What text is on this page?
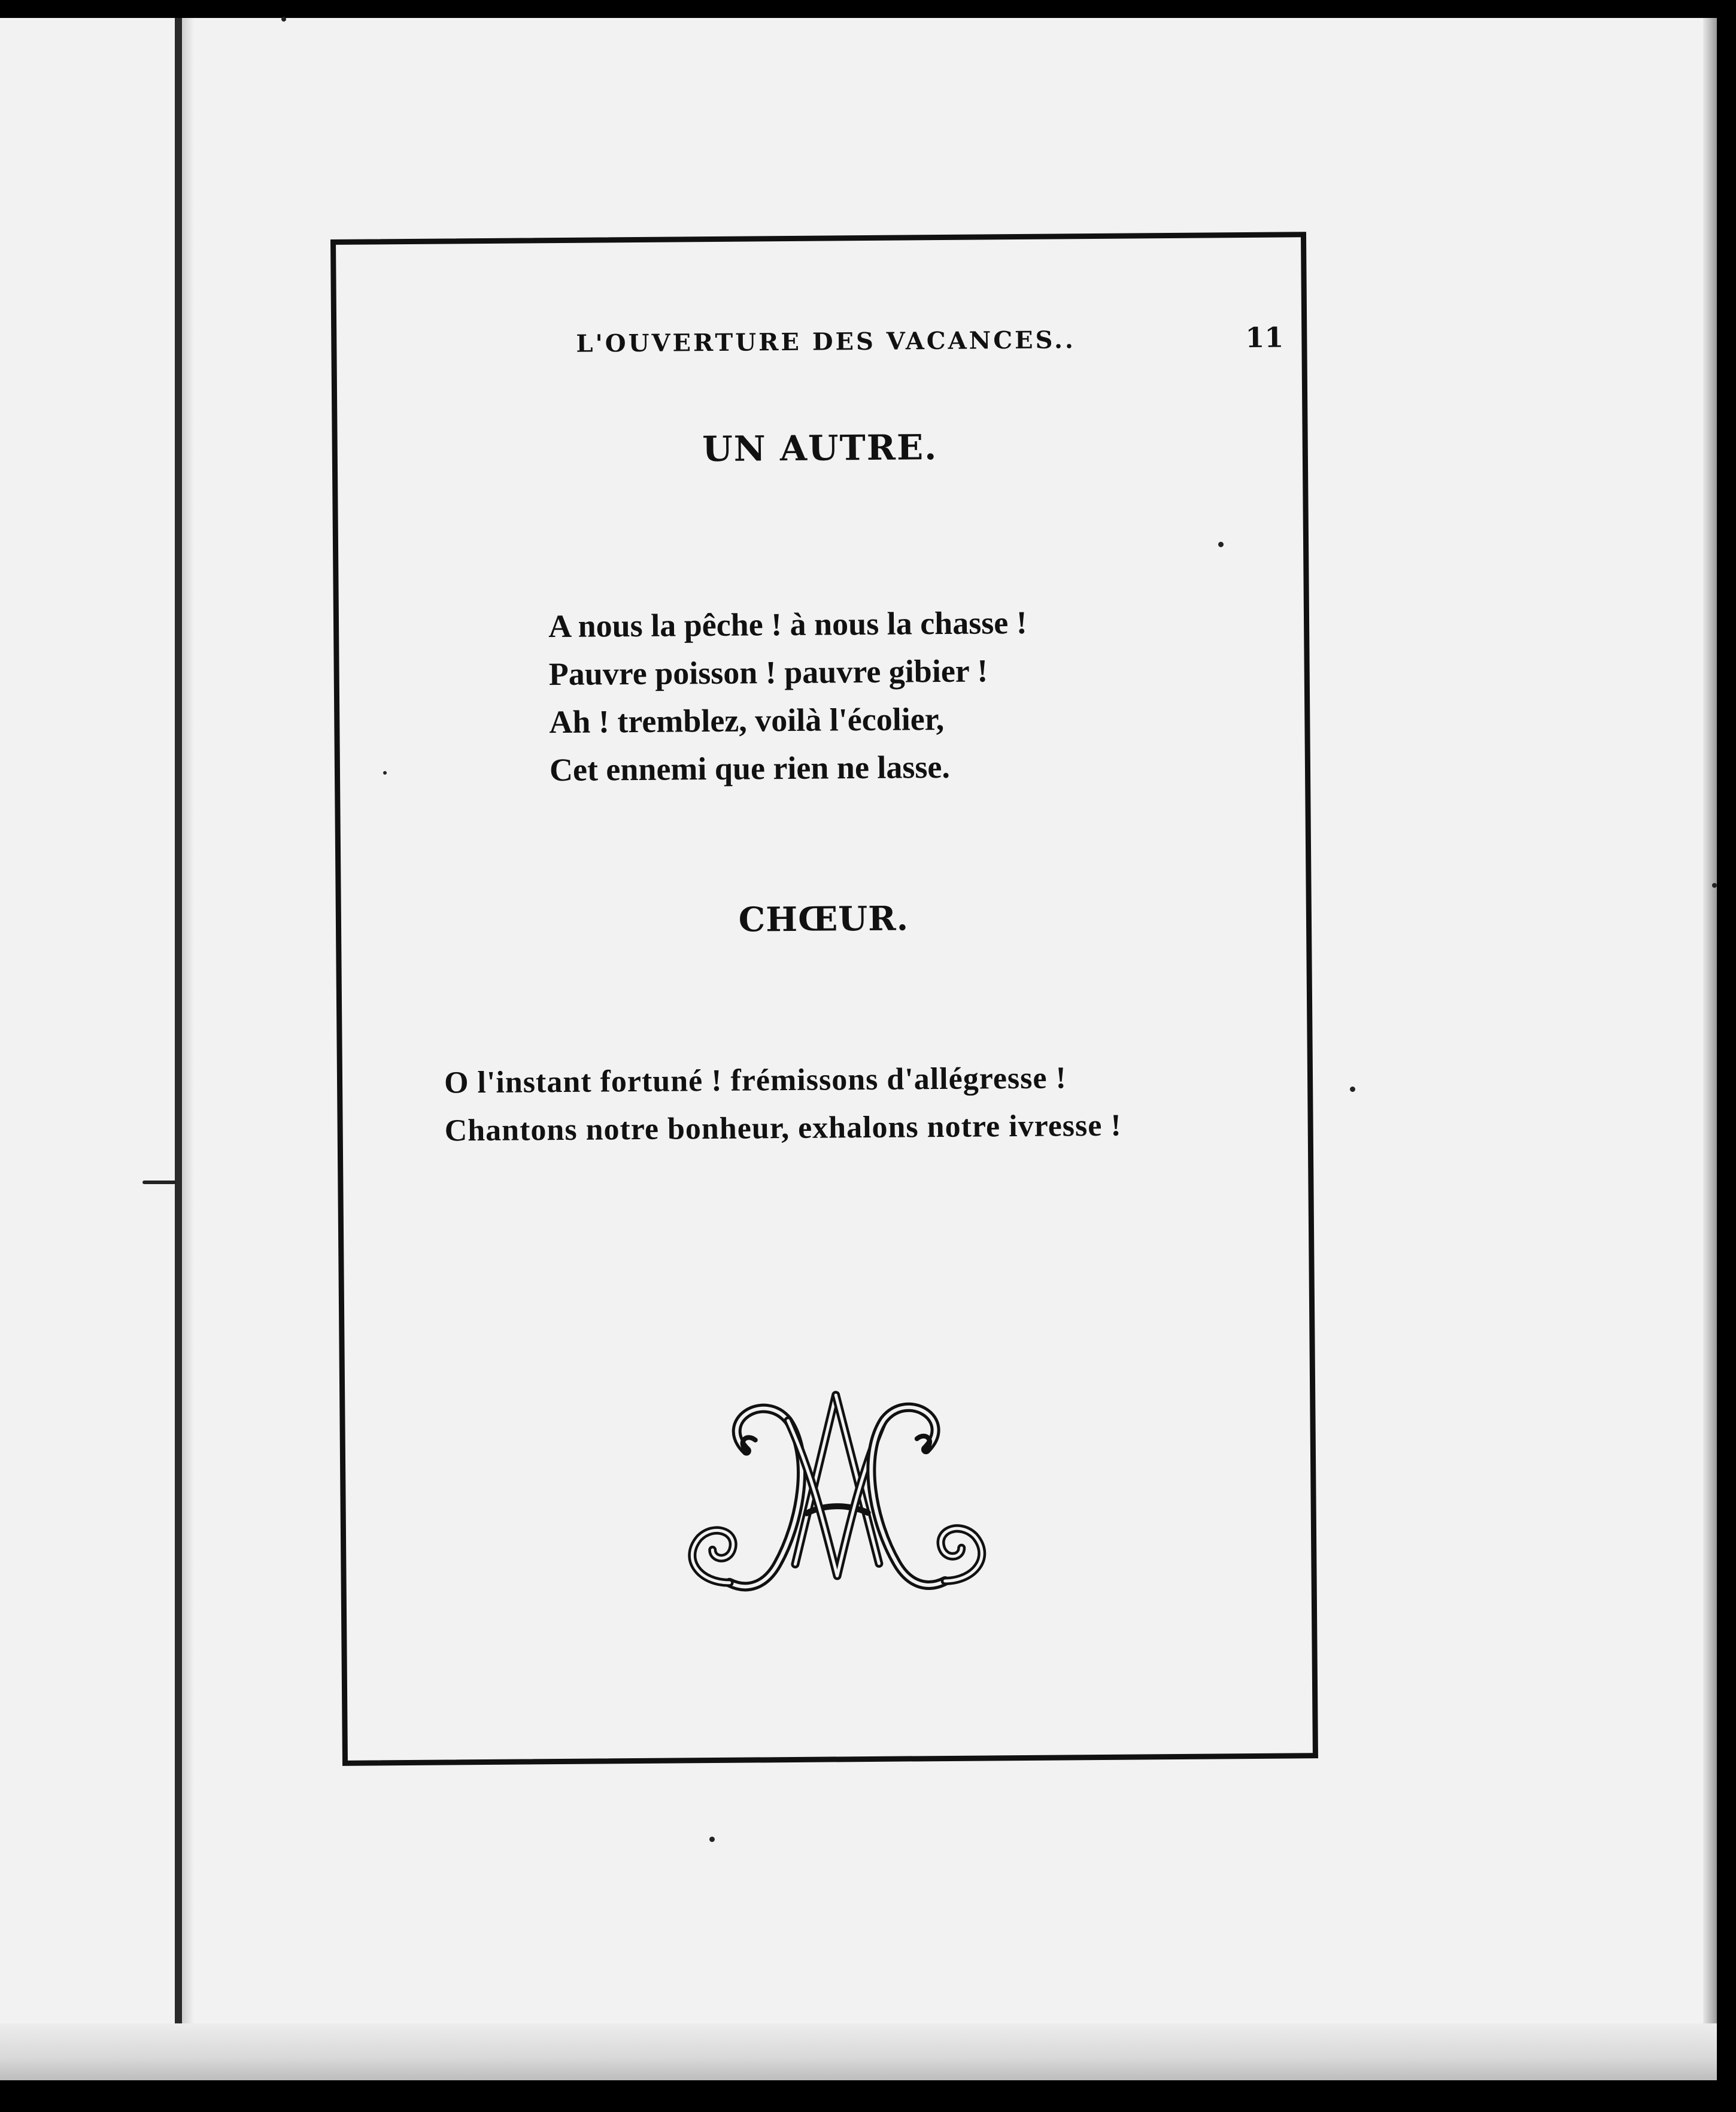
L'OUVERTURE DES VACANCES..	11
UN AUTRE.
A nous la pêche ! à nous la chasse !
Pauvre poisson ! pauvre gibier !
Ah ! tremblez, voilà l'écolier,
Cet ennemi que rien ne lasse.
CHŒUR.
O l'instant fortuné ! frémissons d'allégresse !
Chantons notre bonheur, exhalons notre ivresse !
